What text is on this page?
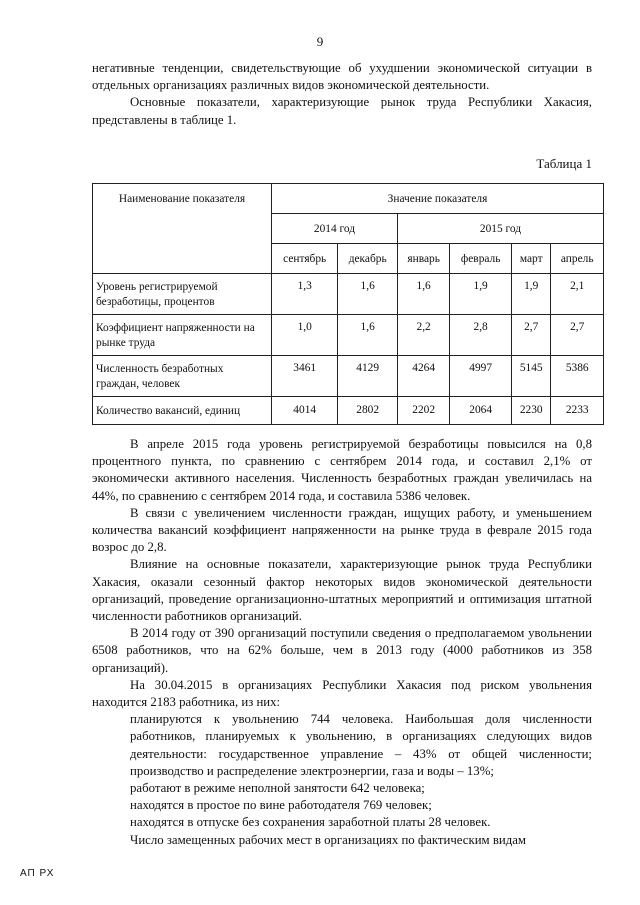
9

негативные тенденции, свидетельствующие об ухудшении экономической ситуации в отдельных организациях различных видов экономической деятельности.

Основные показатели, характеризующие рынок труда Республики Хакасия, представлены в таблице 1.

Таблица 1
Наименование показателя	Значение показателя					
	2014 год		2015 год			
	сентябрь	декабрь	январь	февраль	март	апрель
Уровень регистрируемой безработицы, процентов	1,3	1,6	1,6	1,9	1,9	2,1
Коэффициент напряженности на рынке труда	1,0	1,6	2,2	2,8	2,7	2,7
Численность безработных граждан, человек	3461	4129	4264	4997	5145	5386
Количество вакансий, единиц	4014	2802	2202	2064	2230	2233

В апреле 2015 года уровень регистрируемой безработицы повысился на 0,8 процентного пункта, по сравнению с сентябрем 2014 года, и составил 2,1% от экономически активного населения. Численность безработных граждан увеличилась на 44%, по сравнению с сентябрем 2014 года, и составила 5386 человек.

В связи с увеличением численности граждан, ищущих работу, и уменьшением количества вакансий коэффициент напряженности на рынке труда в феврале 2015 года возрос до 2,8.

Влияние на основные показатели, характеризующие рынок труда Республики Хакасия, оказали сезонный фактор некоторых видов экономической деятельности организаций, проведение организационно-штатных мероприятий и оптимизация штатной численности работников организаций.

В 2014 году от 390 организаций поступили сведения о предполагаемом увольнении 6508 работников, что на 62% больше, чем в 2013 году (4000 работников из 358 организаций).

На 30.04.2015 в организациях Республики Хакасия под риском увольнения находится 2183 работника, из них:

планируются к увольнению 744 человека. Наибольшая доля численности работников, планируемых к увольнению, в организациях следующих видов деятельности: государственное управление – 43% от общей численности; производство и распределение электроэнергии, газа и воды – 13%;

работают в режиме неполной занятости 642 человека;

находятся в простое по вине работодателя 769 человек;

находятся в отпуске без сохранения заработной платы 28 человек.

Число замещенных рабочих мест в организациях по фактическим видам

АП РХ
